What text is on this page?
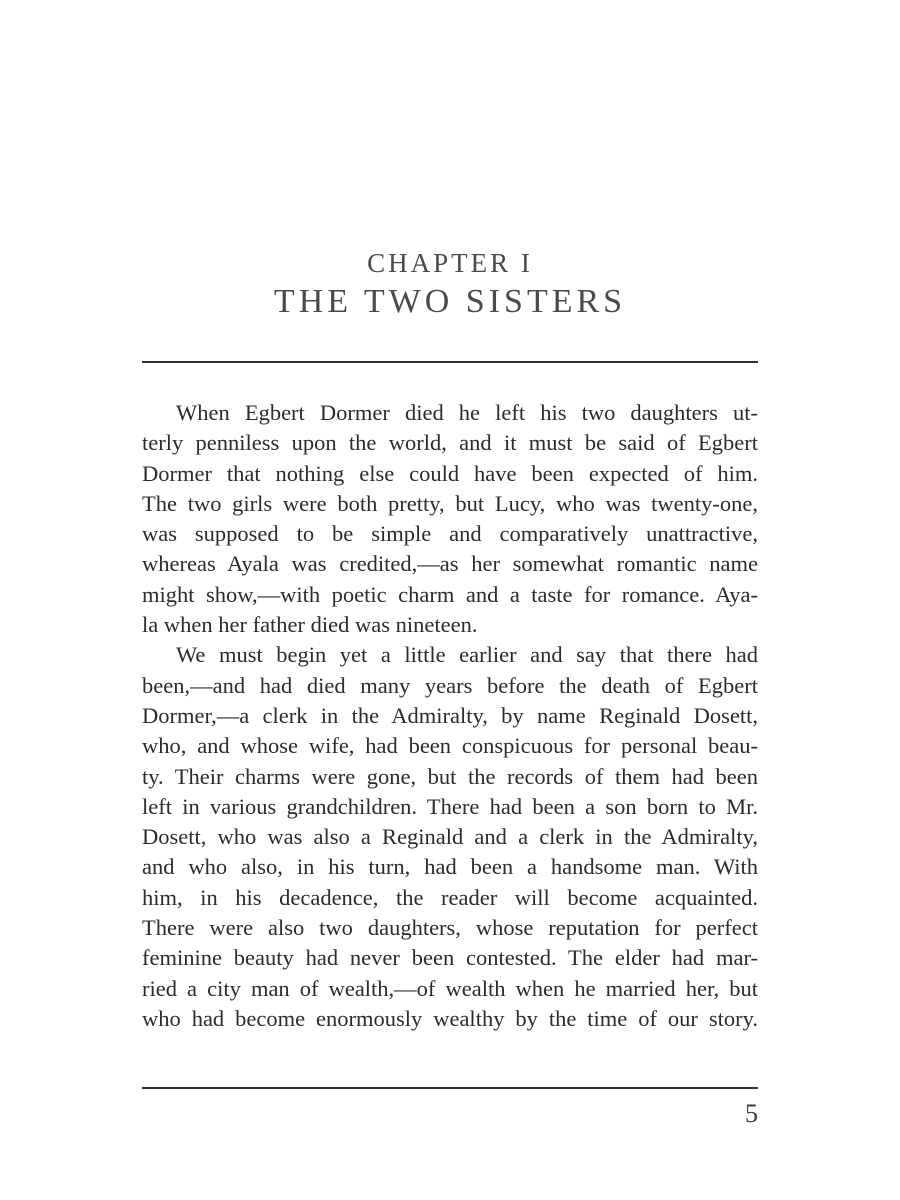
CHAPTER I
THE TWO SISTERS

When Egbert Dormer died he left his two daughters ut-
terly penniless upon the world, and it must be said of Egbert
Dormer that nothing else could have been expected of him.
The two girls were both pretty, but Lucy, who was twenty-one,
was supposed to be simple and comparatively unattractive,
whereas Ayala was credited,—as her somewhat romantic name
might show,—with poetic charm and a taste for romance. Aya-
la when her father died was nineteen.

We must begin yet a little earlier and say that there had
been,—and had died many years before the death of Egbert
Dormer,—a clerk in the Admiralty, by name Reginald Dosett,
who, and whose wife, had been conspicuous for personal beau-
ty. Their charms were gone, but the records of them had been
left in various grandchildren. There had been a son born to Mr.
Dosett, who was also a Reginald and a clerk in the Admiralty,
and who also, in his turn, had been a handsome man. With
him, in his decadence, the reader will become acquainted.
There were also two daughters, whose reputation for perfect
feminine beauty had never been contested. The elder had mar-
ried a city man of wealth,—of wealth when he married her, but
who had become enormously wealthy by the time of our story.

5
